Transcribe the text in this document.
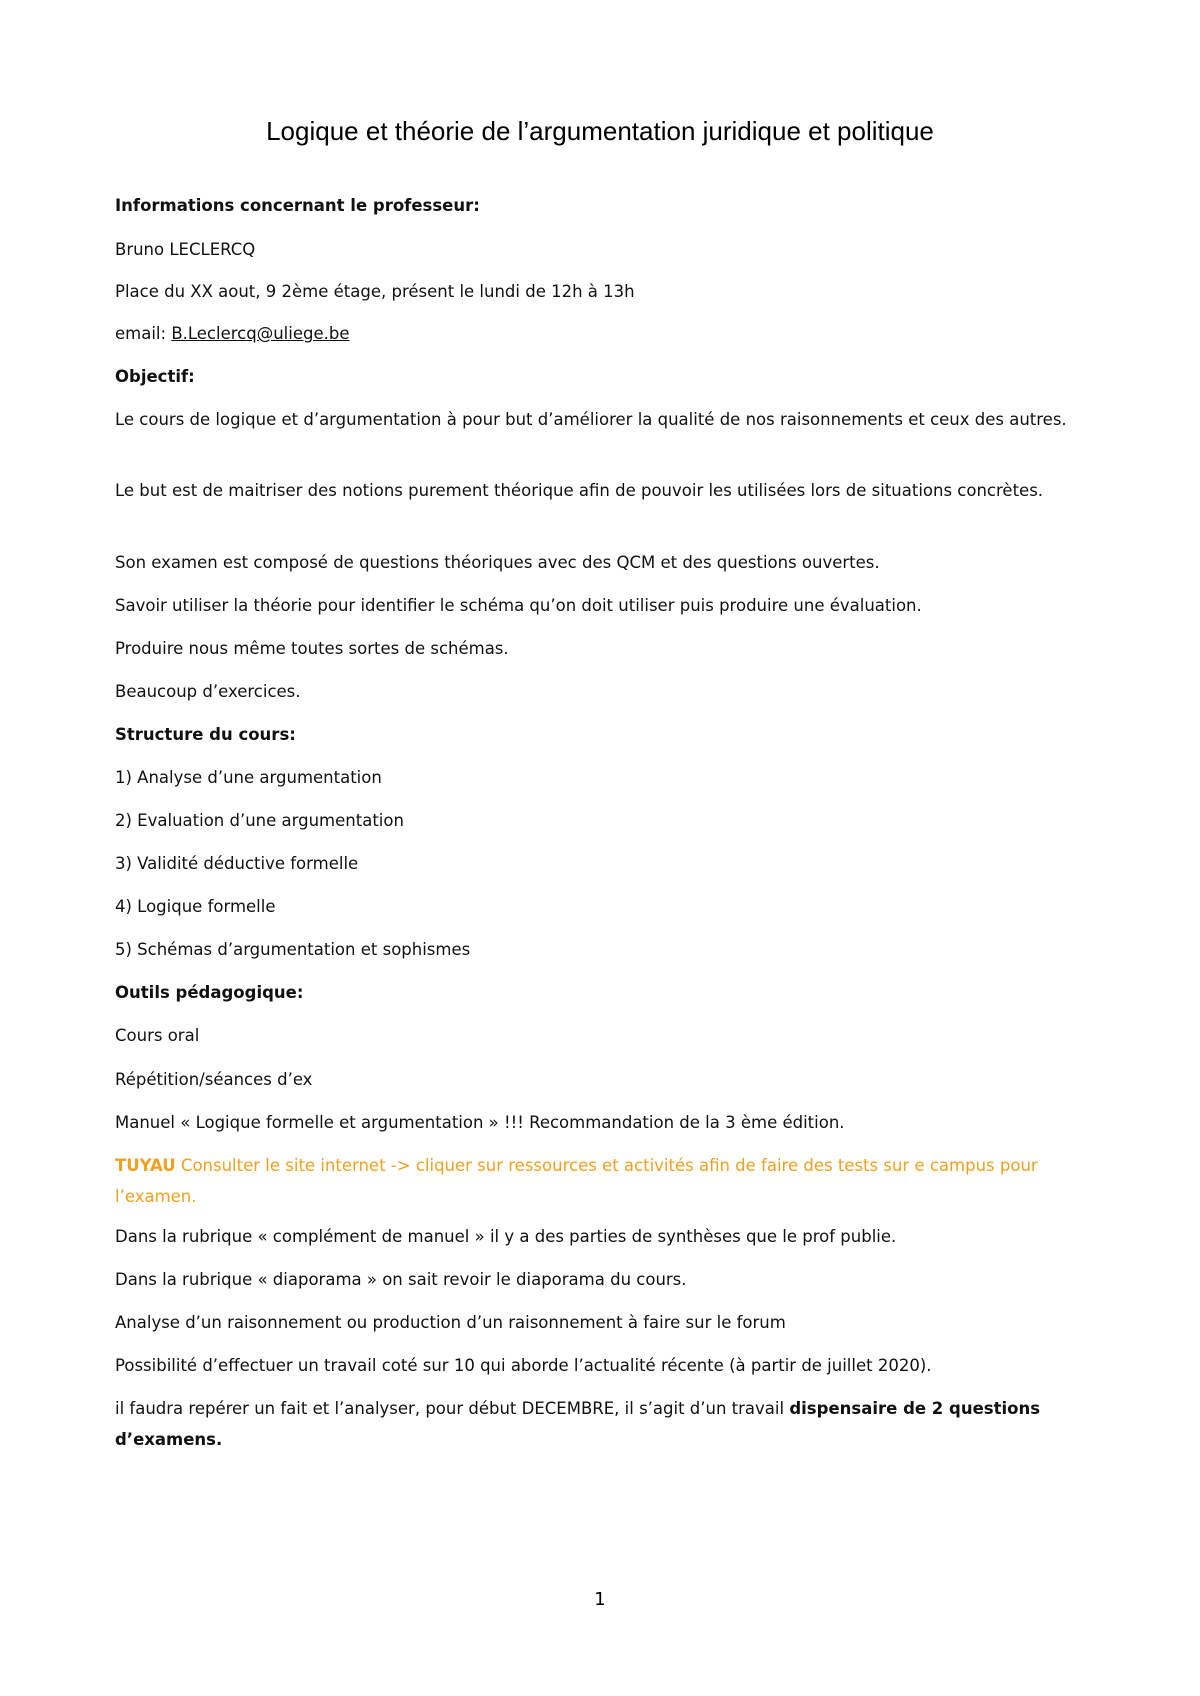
Logique et théorie de l’argumentation juridique et politique

Informations concernant le professeur:

Bruno LECLERCQ

Place du XX aout, 9 2ème étage, présent le lundi de 12h à 13h

email: B.Leclercq@uliege.be

Objectif:

Le cours de logique et d’argumentation à pour but d’améliorer la qualité de nos raisonnements et ceux des autres.

Le but est de maitriser des notions purement théorique afin de pouvoir les utilisées lors de situations concrètes.

Son examen est composé de questions théoriques avec des QCM et des questions ouvertes.

Savoir utiliser la théorie pour identifier le schéma qu’on doit utiliser puis produire une évaluation.

Produire nous même toutes sortes de schémas.

Beaucoup d’exercices.

Structure du cours:

1) Analyse d’une argumentation

2) Evaluation d’une argumentation

3) Validité déductive formelle

4) Logique formelle

5) Schémas d’argumentation et sophismes

Outils pédagogique:

Cours oral

Répétition/séances d’ex

Manuel « Logique formelle et argumentation » !!! Recommandation de la 3 ème édition.

TUYAU Consulter le site internet -> cliquer sur ressources et activités afin de faire des tests sur e campus pour l’examen.

Dans la rubrique « complément de manuel » il y a des parties de synthèses que le prof publie.

Dans la rubrique « diaporama » on sait revoir le diaporama du cours.

Analyse d’un raisonnement ou production d’un raisonnement à faire sur le forum

Possibilité d’effectuer un travail coté sur 10 qui aborde l’actualité récente (à partir de juillet 2020).

il faudra repérer un fait et l’analyser, pour début DECEMBRE, il s’agit d’un travail dispensaire de 2 questions d’examens.

1
